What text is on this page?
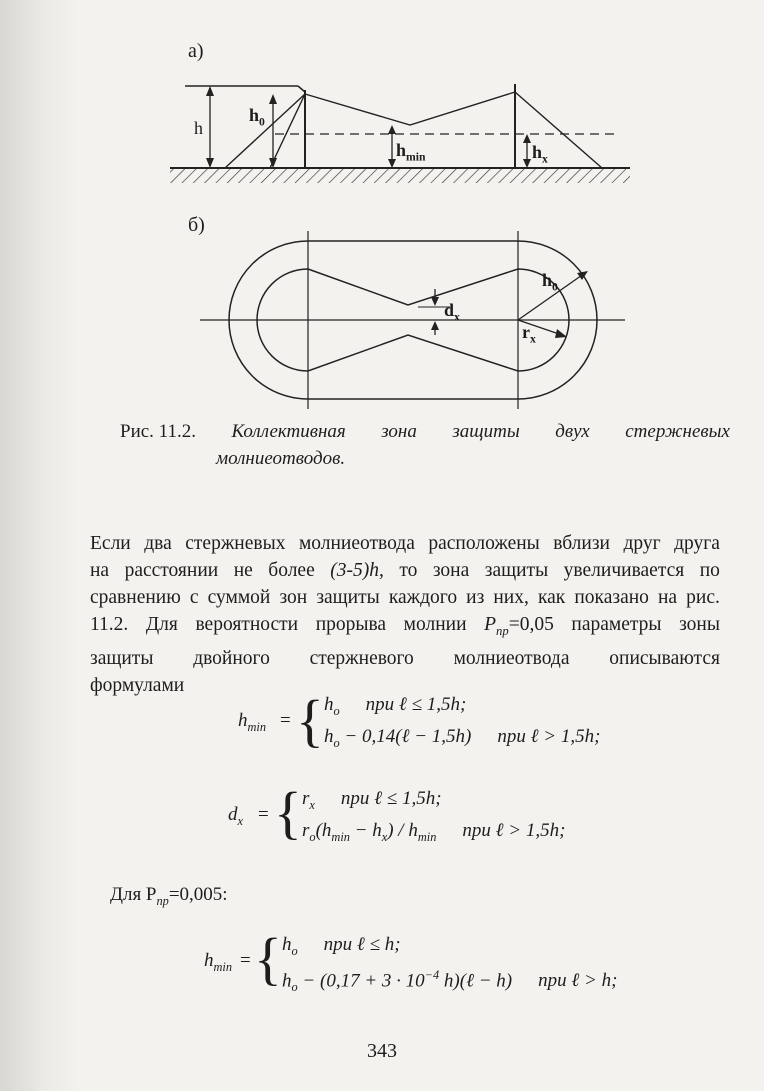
а)
h
$h_0$
$h_{min}$	$h_x$
б)
$d_x$
$h_0$
$r_x$
Рис. 11.2. Коллективная зона защиты двух стержневых
молниеотводов.
Если два стержневых молниеотвода расположены вблизи друг друга
на расстоянии не более (3-5)h, то зона защиты увеличивается по
сравнению с суммой зон защиты каждого из них, как показано на рис.
11.2. Для вероятности прорыва молнии $P_{пр}=0,05$ параметры зоны
защиты двойного стержневого молниеотвода описываются
формулами
$h_{min}$ = { $h_o$ при ℓ ≤ 1,5h;
$h_o$ − 0,14(ℓ − 1,5h) при ℓ > 1,5h;
$d_x$ = { $r_x$ при ℓ ≤ 1,5h;
$r_o(h_{min} - h_x) / h_{min}$ при ℓ > 1,5h;
Для $P_{пр}=0,005$:
$h_{min}$ = { $h_o$ при ℓ ≤ h;
$h_o - (0,17 + 3 \cdot 10^{-4}$ h)(ℓ − h) при ℓ > h;
343
